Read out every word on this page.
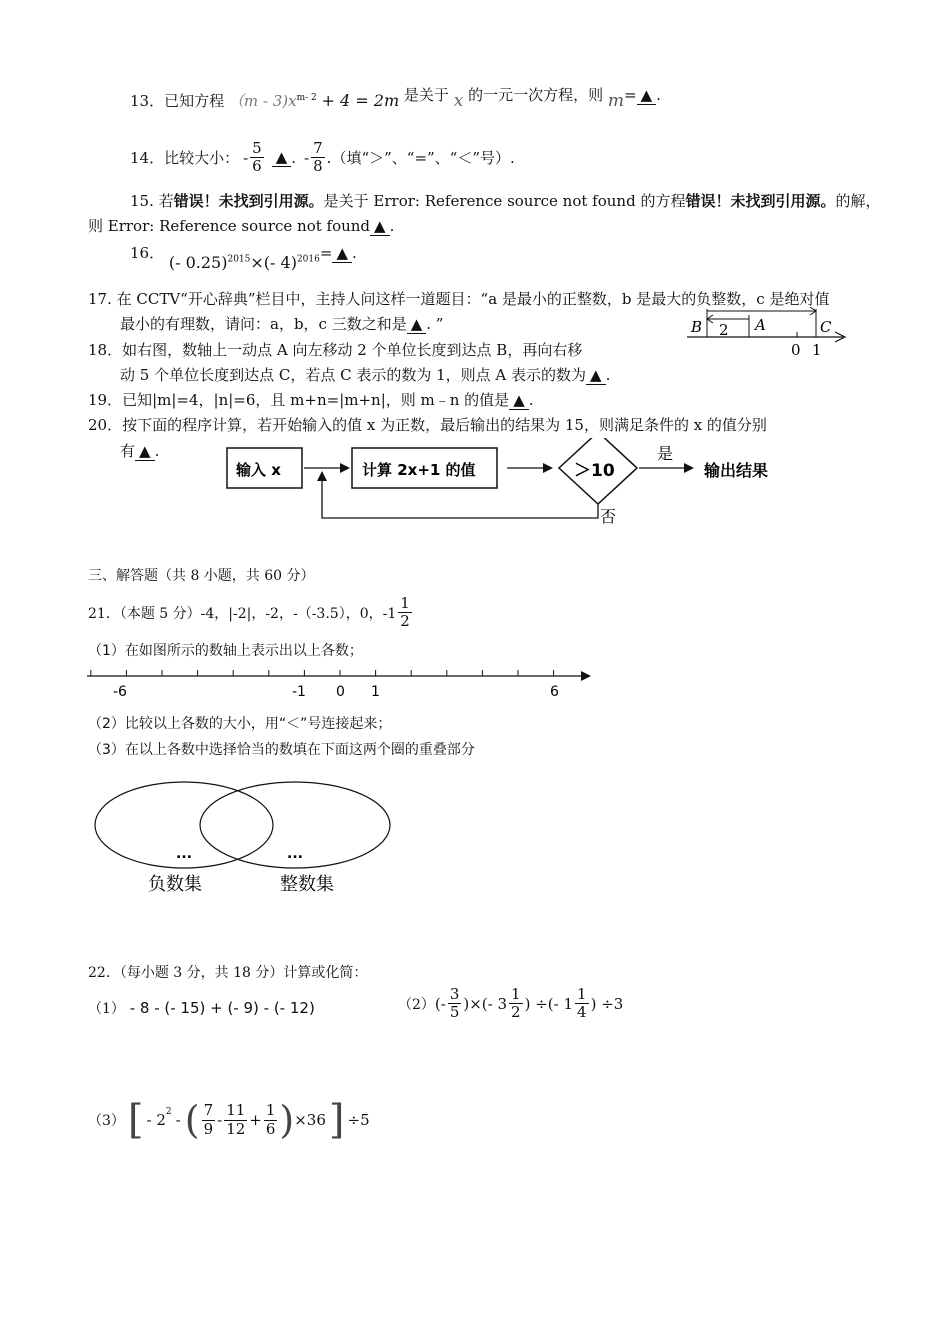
13．已知方程 $(m - 3)x^{m- 2} + 4 = 2m$ 是关于 x 的一元一次方程，则 m= ▲ .
14．比较大小： - $\frac{5}{6}$ ▲ . - $\frac{7}{8}$ .（填“＞”、“=”、“＜”号）.
15. 若错误！未找到引用源。是关于 Error: Reference source not found 的方程错误！未找到引用源。的解，
则 Error: Reference source not found ▲ .
16． (- 0.25)$^{2015}$×(- 4)$^{2016}$= ▲ .
17. 在 CCTV“开心辞典”栏目中，主持人问这样一道题目：“a 是最小的正整数，b 是最大的负整数，c 是绝对值
最小的有理数，请问：a，b，c 三数之和是 ▲ . ”	B 2 A	C
0 1
18．如右图，数轴上一动点 A 向左移动 2 个单位长度到达点 B，再向右移
动 5 个单位长度到达点 C，若点 C 表示的数为 1，则点 A 表示的数为 ▲ .
19．已知|m|=4，|n|=6，且 m+n=|m+n|，则 m﹣n 的值是 ▲ .
20．按下面的程序计算，若开始输入的值 x 为正数，最后输出的结果为 15，则满足条件的 x 的值分别
有 ▲ .
输入 x	计算 2x+1 的值	＞10
是
输出结果
否
三、解答题（共 8 小题，共 60 分）
21．（本题 5 分）-4，|-2|，-2，-（-3.5），0，$-1 \frac{1}{2}$
（1）在如图所示的数轴上表示出以上各数；
-6	-1 0 1	6
（2）比较以上各数的大小，用“＜”号连接起来；
（3）在以上各数中选择恰当的数填在下面这两个圈的重叠部分
...	...
负数集	整数集
22．（每小题 3 分，共 18 分）计算或化简：
（1） - 8 - (- 15) + (- 9) - (- 12)	（2） (- $\frac{3}{5}$ )×(- $3 \frac{1}{2}$ ) ÷(- $1 \frac{1}{4}$ ) ÷3
（3） [ - $2^2$ - ( $\frac{7}{9} - \frac{11}{12} + \frac{1}{6}$ ) ×36 ] ÷5
